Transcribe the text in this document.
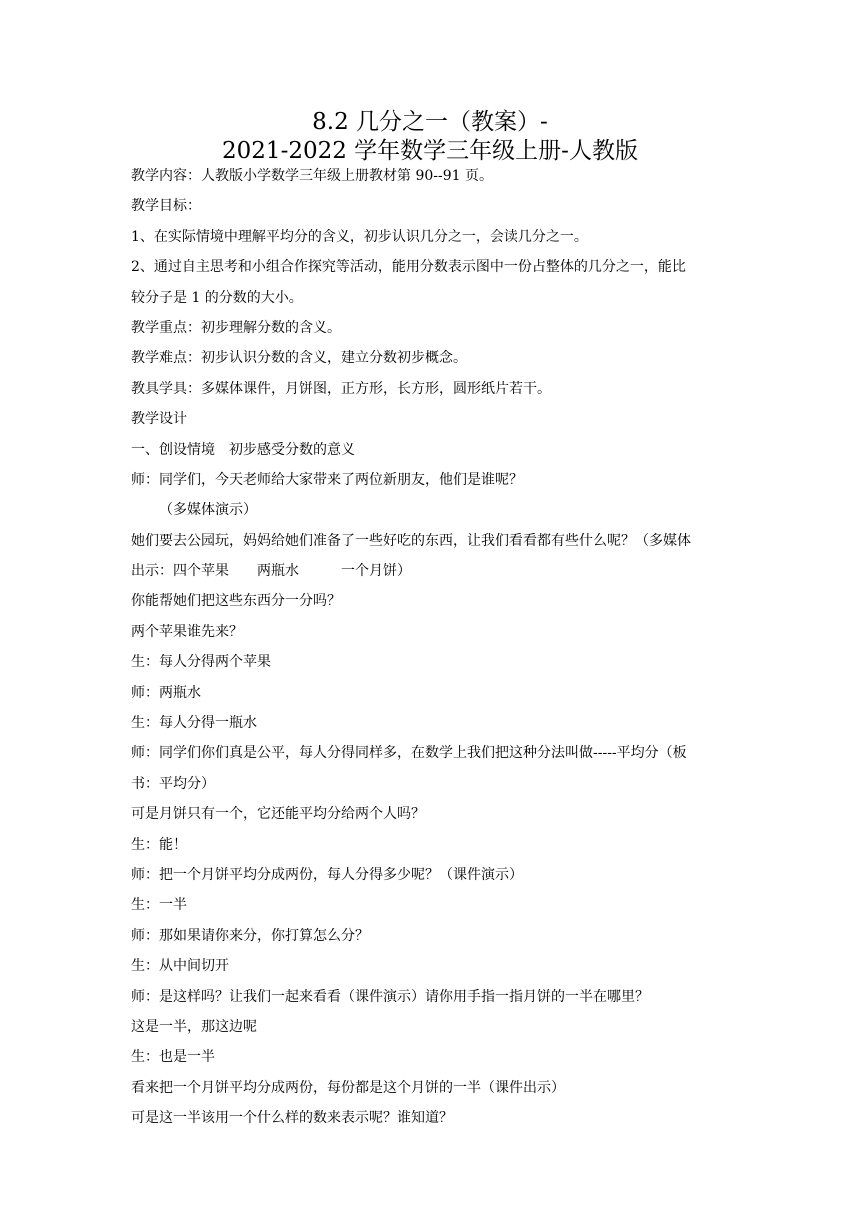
8.2 几分之一（教案）-
2021-2022 学年数学三年级上册-人教版
教学内容：人教版小学数学三年级上册教材第 90--91 页。
教学目标：
1、在实际情境中理解平均分的含义，初步认识几分之一，会读几分之一。
2、通过自主思考和小组合作探究等活动，能用分数表示图中一份占整体的几分之一，能比
较分子是 1 的分数的大小。
教学重点：初步理解分数的含义。
教学难点：初步认识分数的含义，建立分数初步概念。
教具学具：多媒体课件，月饼图，正方形，长方形，圆形纸片若干。
教学设计
一、创设情境　初步感受分数的意义
师：同学们，今天老师给大家带来了两位新朋友，他们是谁呢？
（多媒体演示）
她们要去公园玩，妈妈给她们准备了一些好吃的东西，让我们看看都有些什么呢？（多媒体
出示：四个苹果　　两瓶水　　　一个月饼）
你能帮她们把这些东西分一分吗？
两个苹果谁先来？
生：每人分得两个苹果
师：两瓶水
生：每人分得一瓶水
师：同学们你们真是公平，每人分得同样多，在数学上我们把这种分法叫做-----平均分（板
书：平均分）
可是月饼只有一个，它还能平均分给两个人吗？
生：能！
师：把一个月饼平均分成两份，每人分得多少呢？（课件演示）
生：一半
师：那如果请你来分，你打算怎么分？
生：从中间切开
师：是这样吗？让我们一起来看看（课件演示）请你用手指一指月饼的一半在哪里？
这是一半，那这边呢
生：也是一半
看来把一个月饼平均分成两份，每份都是这个月饼的一半（课件出示）
可是这一半该用一个什么样的数来表示呢？谁知道？
